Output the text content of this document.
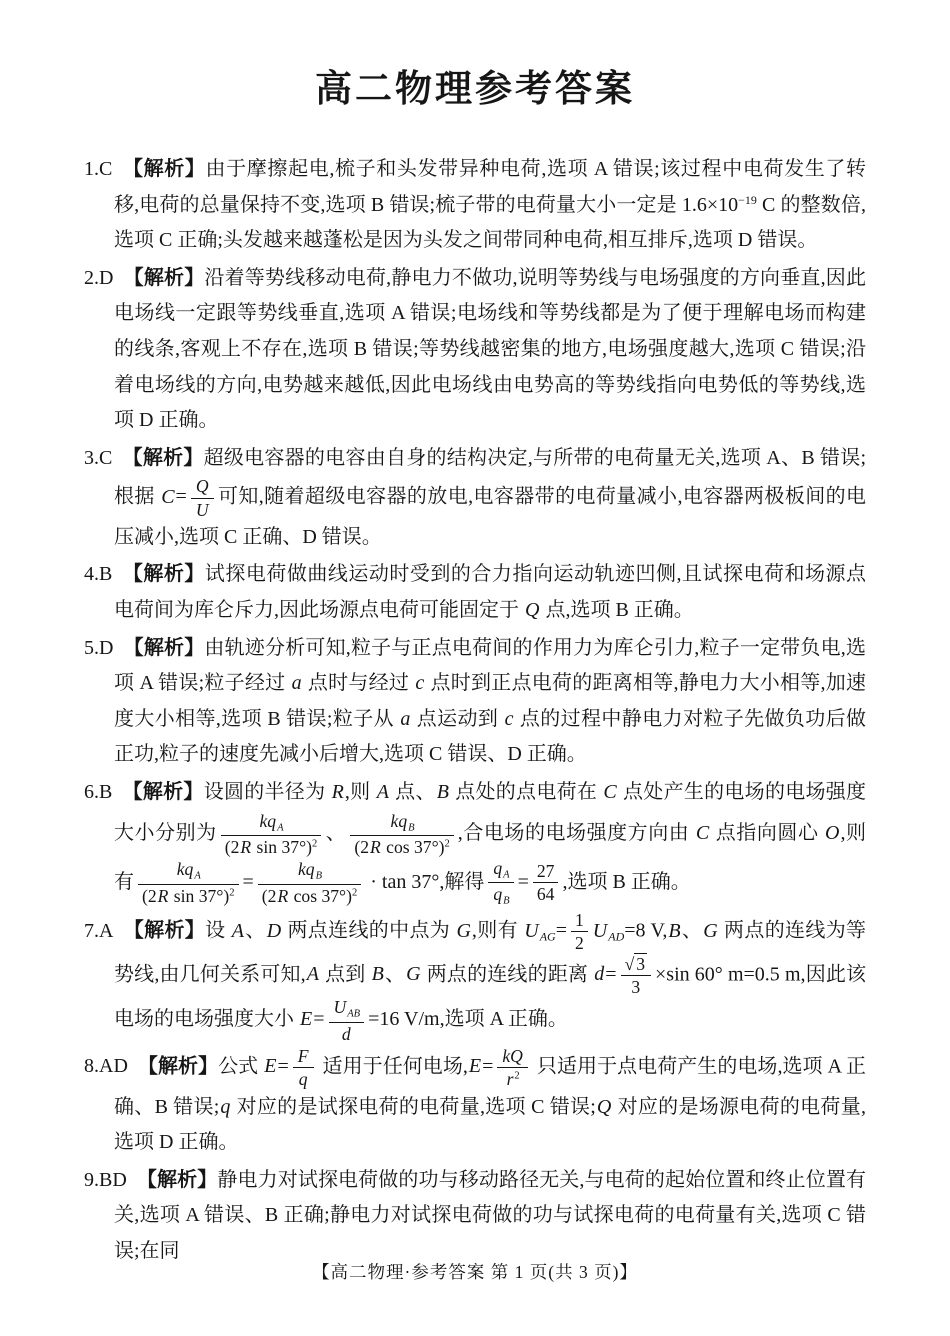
高二物理参考答案
1.C 【解析】由于摩擦起电,梳子和头发带异种电荷,选项 A 错误;该过程中电荷发生了转移,电荷的总量保持不变,选项 B 错误;梳子带的电荷量大小一定是 $1.6\times 10^{-19}$ C 的整数倍,选项 C 正确;头发越来越蓬松是因为头发之间带同种电荷,相互排斥,选项 D 错误。
2.D 【解析】沿着等势线移动电荷,静电力不做功,说明等势线与电场强度的方向垂直,因此电场线一定跟等势线垂直,选项 A 错误;电场线和等势线都是为了便于理解电场而构建的线条,客观上不存在,选项 B 错误;等势线越密集的地方,电场强度越大,选项 C 错误;沿着电场线的方向,电势越来越低,因此电场线由电势高的等势线指向电势低的等势线,选项 D 正确。
3.C 【解析】超级电容器的电容由自身的结构决定,与所带的电荷量无关,选项 A、B 错误;根据 $C= \frac{Q}{U}$ 可知,随着超级电容器的放电,电容器带的电荷量减小,电容器两极板间的电压减小,选项 C 正确、D 错误。
4.B 【解析】试探电荷做曲线运动时受到的合力指向运动轨迹凹侧,且试探电荷和场源点电荷间为库仑斥力,因此场源点电荷可能固定于 Q 点,选项 B 正确。
5.D 【解析】由轨迹分析可知,粒子与正点电荷间的作用力为库仑引力,粒子一定带负电,选项 A 错误;粒子经过 a 点时与经过 c 点时到正点电荷的距离相等,静电力大小相等,加速度大小相等,选项 B 错误;粒子从 a 点运动到 c 点的过程中静电力对粒子先做负功后做正功,粒子的速度先减小后增大,选项 C 错误、D 正确。
6.B 【解析】设圆的半径为 R,则 A 点、B 点处的点电荷在 C 点处产生的电场的电场强度大小分别为 $\frac{kq_A}{(2R \sin 37^\circ)^2}$ 、 $\frac{kq_B}{(2R \cos 37^\circ)^2}$ ,合电场的电场强度方向由 C 点指向圆心 O,则有 $\frac{kq_A}{(2R \sin 37^\circ)^2} = \frac{kq_B}{(2R \cos 37^\circ)^2} \cdot \tan 37^\circ$,解得 $\frac{q_A}{q_B} = \frac{27}{64}$ ,选项 B 正确。
7.A 【解析】设 A、D 两点连线的中点为 G,则有 $U_{AG}= \frac{1}{2} U_{AD}=8$ V,B、G 两点的连线为等势线,由几何关系可知,A 点到 B、G 两点的连线的距离 $d= \frac{√ 3}{3} \times\sin$ 60° m=0.5 m,因此该电场的电场强度大小 $E= \frac{U_{AB}}{d} =16$ V/m,选项 A 正确。
8.AD 【解析】公式 $E= \frac{F}{q}$ 适用于任何电场$,E= \frac{kQ}{r^2}$ 只适用于点电荷产生的电场,选项 A 正确、B 错误;q 对应的是试探电荷的电荷量,选项 C 错误;Q 对应的是场源电荷的电荷量,选项 D 正确。
9.BD 【解析】静电力对试探电荷做的功与移动路径无关,与电荷的起始位置和终止位置有关,选项 A 错误、B 正确;静电力对试探电荷做的功与试探电荷的电荷量有关,选项 C 错误;在同
【高二物理·参考答案 第 1 页(共 3 页)】
